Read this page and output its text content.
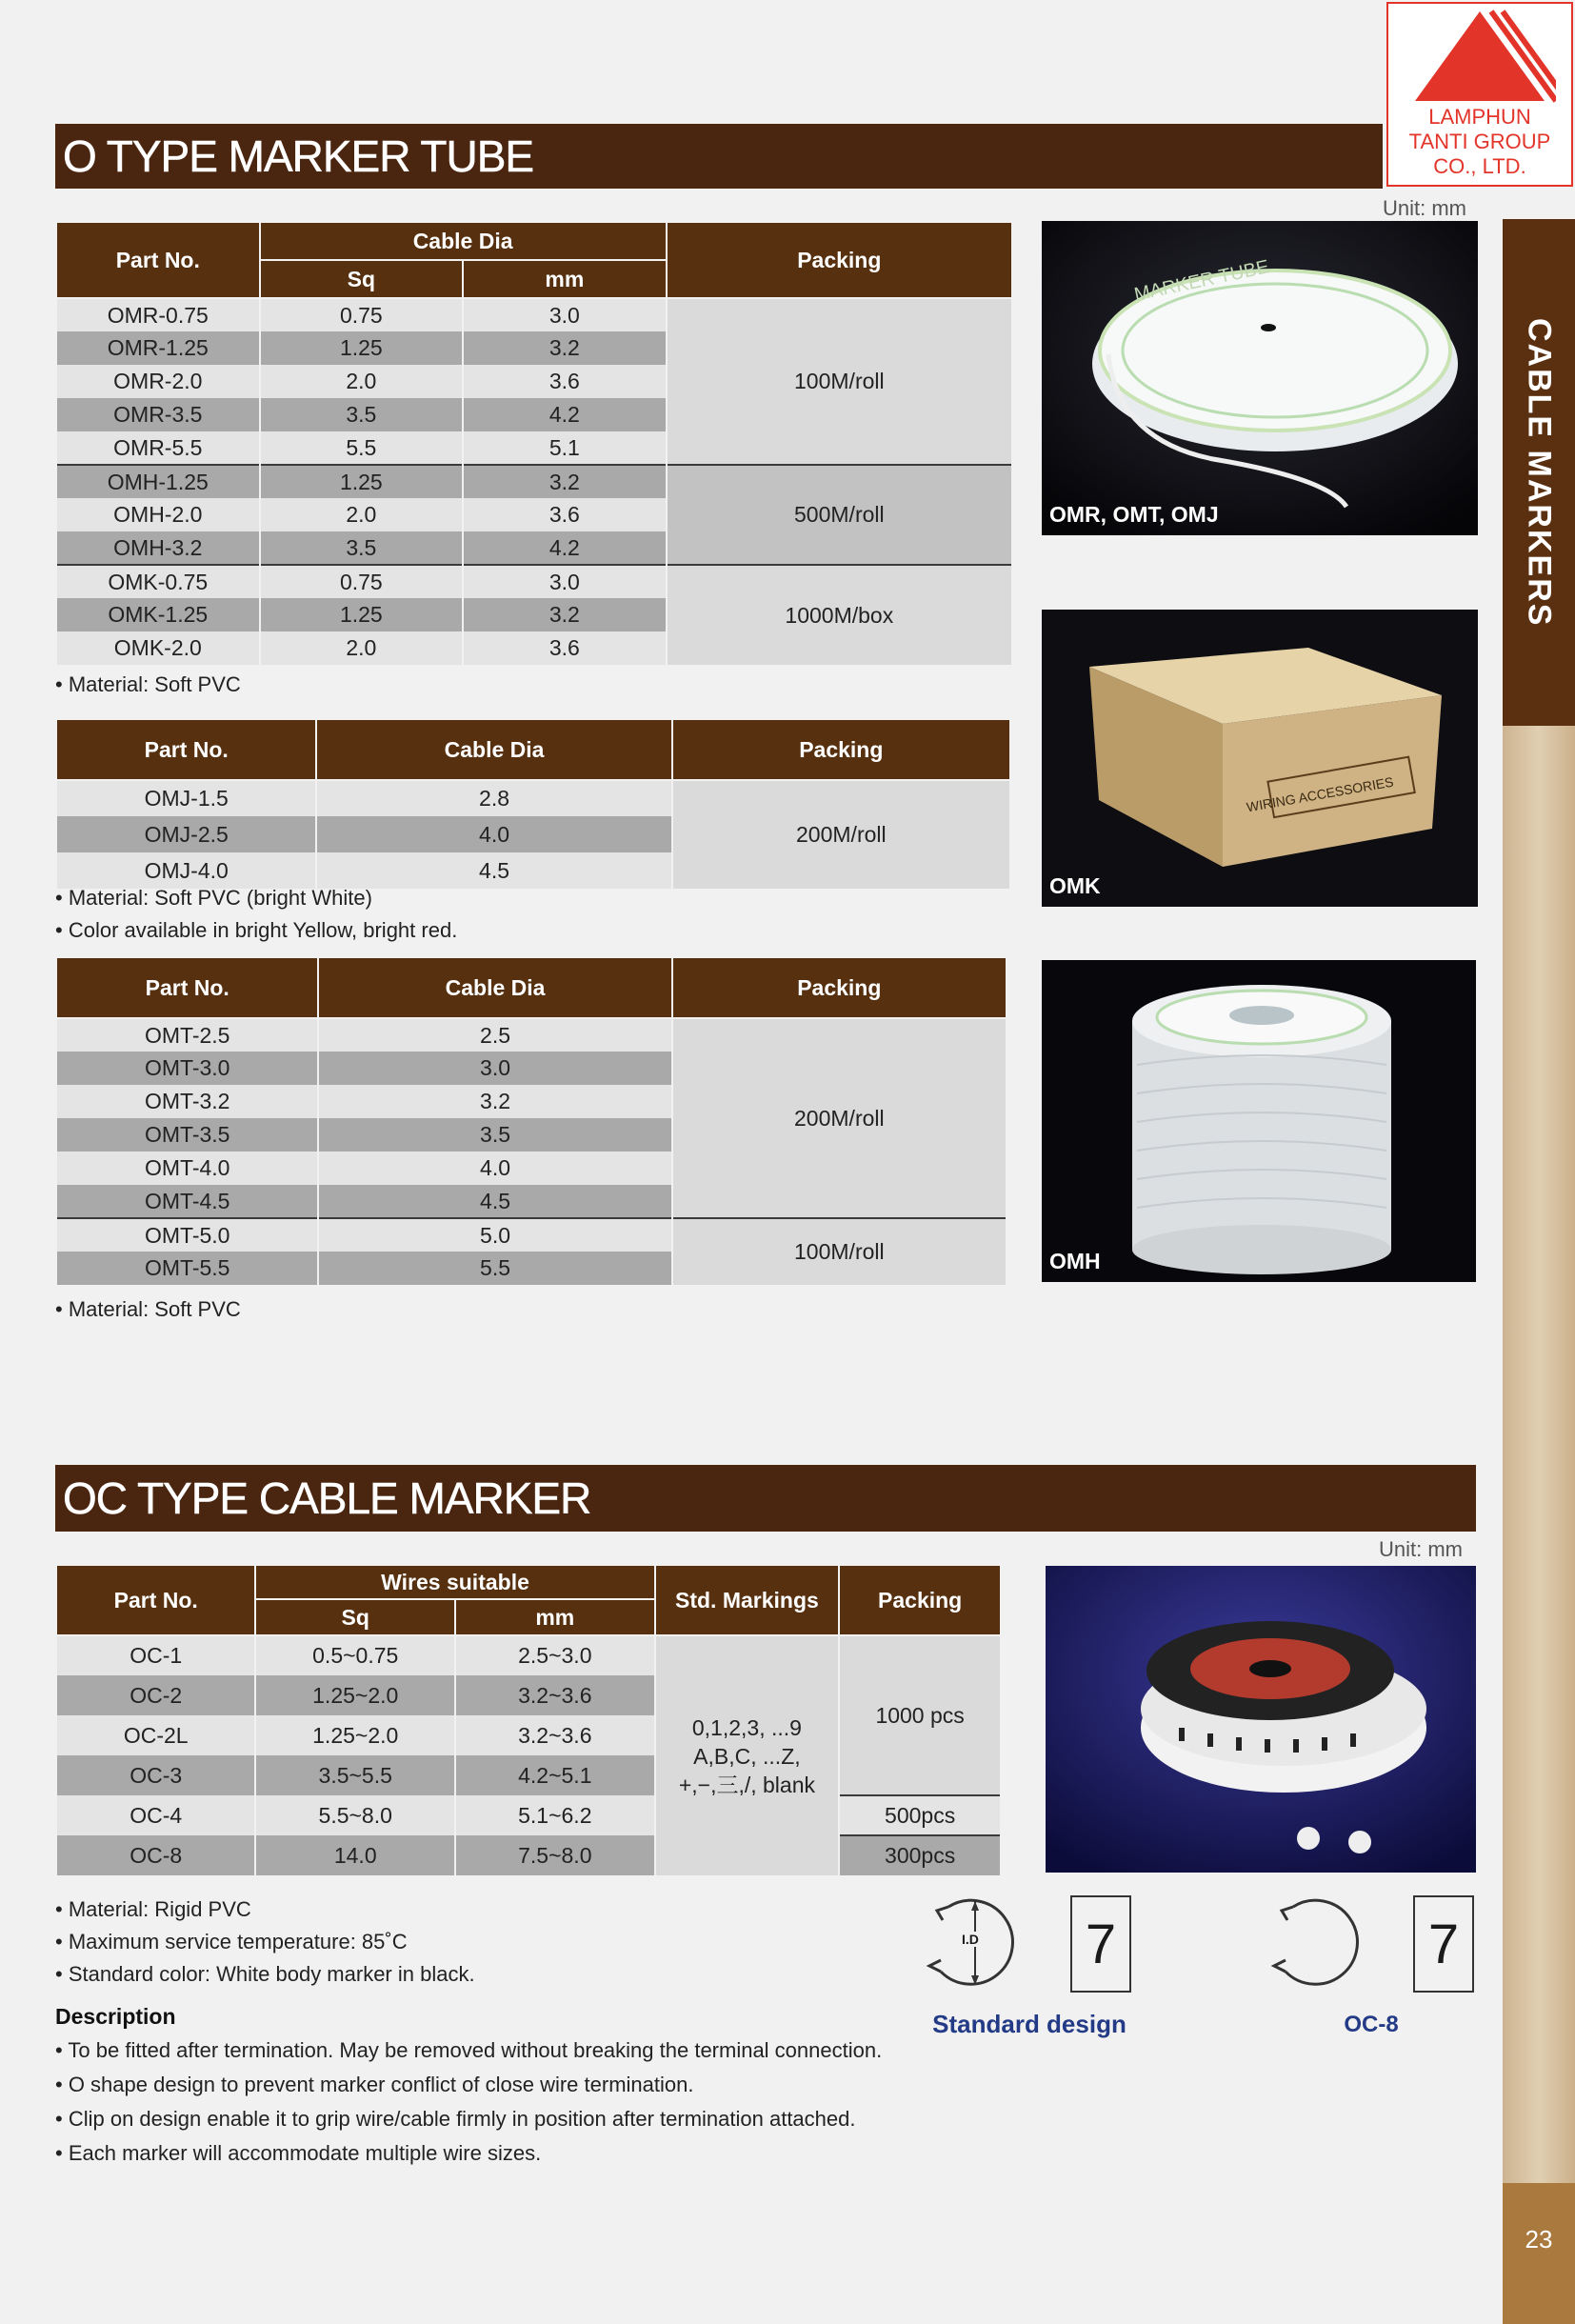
LAMPHUN
TANTI GROUP
CO., LTD.
CABLE MARKERS
23
O TYPE MARKER TUBE
Unit: mm
Part No.	Cable Dia		Packing
	Sq	mm	
OMR-0.75	0.75	3.0	100M/roll
OMR-1.25	1.25	3.2	
OMR-2.0	2.0	3.6	
OMR-3.5	3.5	4.2	
OMR-5.5	5.5	5.1	
OMH-1.25	1.25	3.2	500M/roll
OMH-2.0	2.0	3.6	
OMH-3.2	3.5	4.2	
OMK-0.75	0.75	3.0	1000M/box
OMK-1.25	1.25	3.2	
OMK-2.0	2.0	3.6	
• Material: Soft PVC
Part No.	Cable Dia	Packing
OMJ-1.5	2.8	200M/roll
OMJ-2.5	4.0	
OMJ-4.0	4.5	
• Material: Soft PVC (bright White)
• Color available in bright Yellow, bright red.
Part No.	Cable Dia	Packing
OMT-2.5	2.5	200M/roll
OMT-3.0	3.0	
OMT-3.2	3.2	
OMT-3.5	3.5	
OMT-4.0	4.0	
OMT-4.5	4.5	
OMT-5.0	5.0	100M/roll
OMT-5.5	5.5	
• Material: Soft PVC
MARKER TUBE
OMR, OMT, OMJ
WIRING ACCESSORIES
OMK
OMH
OC TYPE CABLE MARKER
Unit: mm
Part No.	Wires suitable		Std. Markings	Packing
	Sq	mm		
OC-1	0.5~0.75	2.5~3.0	0,1,2,3, ...9
A,B,C, ...Z,
+,−,三,/, blank	1000 pcs
OC-2	1.25~2.0	3.2~3.6		
OC-2L	1.25~2.0	3.2~3.6		
OC-3	3.5~5.5	4.2~5.1		
OC-4	5.5~8.0	5.1~6.2		500pcs
OC-8	14.0	7.5~8.0		300pcs
• Material: Rigid PVC
• Maximum service temperature: 85˚C
• Standard color: White body marker in black.
Description
• To be fitted after termination. May be removed without breaking the terminal connection.
• O shape design to prevent marker conflict of close wire termination.
• Clip on design enable it to grip wire/cable firmly in position after termination attached.
• Each marker will accommodate multiple wire sizes.
I.D 7
Standard design
7
OC-8
